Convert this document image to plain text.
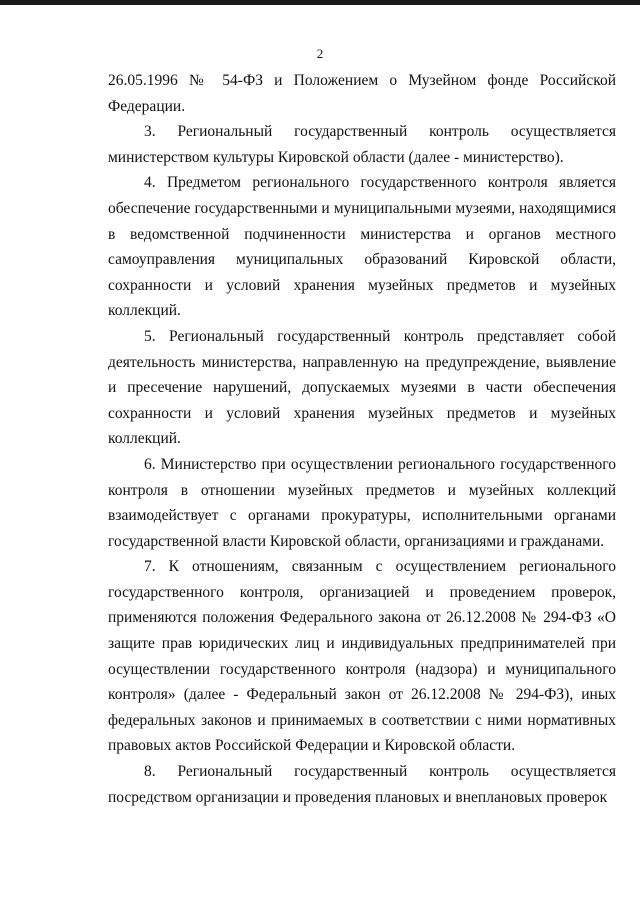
2

26.05.1996 № 54-ФЗ и Положением о Музейном фонде Российской Федерации.

3. Региональный государственный контроль осуществляется министерством культуры Кировской области (далее - министерство).

4. Предметом регионального государственного контроля является обеспечение государственными и муниципальными музеями, находящимися в ведомственной подчиненности министерства и органов местного самоуправления муниципальных образований Кировской области, сохранности и условий хранения музейных предметов и музейных коллекций.

5. Региональный государственный контроль представляет собой деятельность министерства, направленную на предупреждение, выявление и пресечение нарушений, допускаемых музеями в части обеспечения сохранности и условий хранения музейных предметов и музейных коллекций.

6. Министерство при осуществлении регионального государственного контроля в отношении музейных предметов и музейных коллекций взаимодействует с органами прокуратуры, исполнительными органами государственной власти Кировской области, организациями и гражданами.

7. К отношениям, связанным с осуществлением регионального государственного контроля, организацией и проведением проверок, применяются положения Федерального закона от 26.12.2008 № 294-ФЗ «О защите прав юридических лиц и индивидуальных предпринимателей при осуществлении государственного контроля (надзора) и муниципального контроля» (далее - Федеральный закон от 26.12.2008 № 294-ФЗ), иных федеральных законов и принимаемых в соответствии с ними нормативных правовых актов Российской Федерации и Кировской области.

8. Региональный государственный контроль осуществляется посредством организации и проведения плановых и внеплановых проверок
